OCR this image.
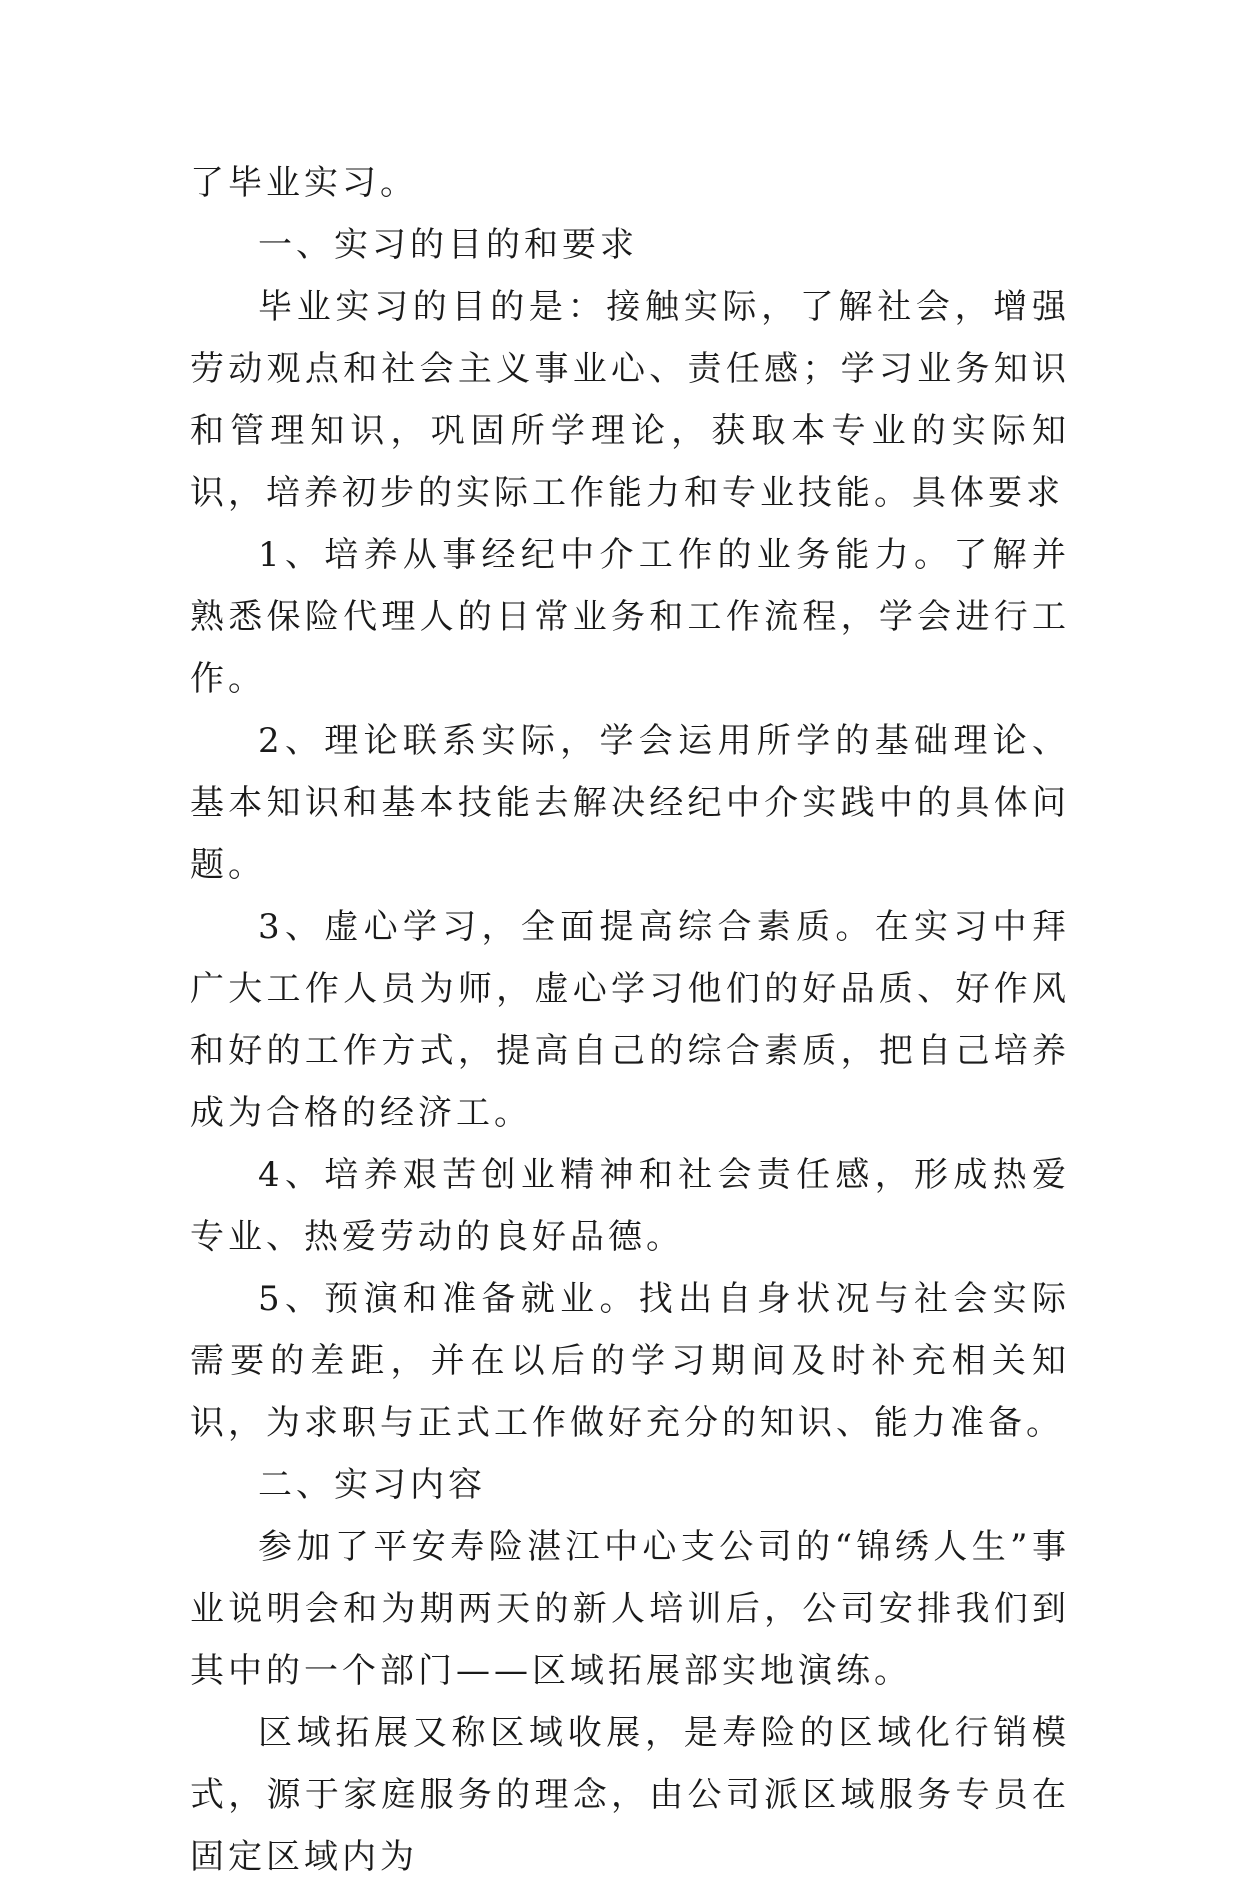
了毕业实习。

一、实习的目的和要求

毕业实习的目的是：接触实际，了解社会，增强劳动观点和社会主义事业心、责任感；学习业务知识和管理知识，巩固所学理论，获取本专业的实际知识，培养初步的实际工作能力和专业技能。具体要求

1、培养从事经纪中介工作的业务能力。了解并熟悉保险代理人的日常业务和工作流程，学会进行工作。

2、理论联系实际，学会运用所学的基础理论、基本知识和基本技能去解决经纪中介实践中的具体问题。

3、虚心学习，全面提高综合素质。在实习中拜广大工作人员为师，虚心学习他们的好品质、好作风和好的工作方式，提高自己的综合素质，把自己培养成为合格的经济工。

4、培养艰苦创业精神和社会责任感，形成热爱专业、热爱劳动的良好品德。

5、预演和准备就业。找出自身状况与社会实际需要的差距，并在以后的学习期间及时补充相关知识，为求职与正式工作做好充分的知识、能力准备。

二、实习内容

参加了平安寿险湛江中心支公司的“锦绣人生”事业说明会和为期两天的新人培训后，公司安排我们到其中的一个部门——区域拓展部实地演练。

区域拓展又称区域收展，是寿险的区域化行销模式，源于家庭服务的理念，由公司派区域服务专员在固定区域内为
